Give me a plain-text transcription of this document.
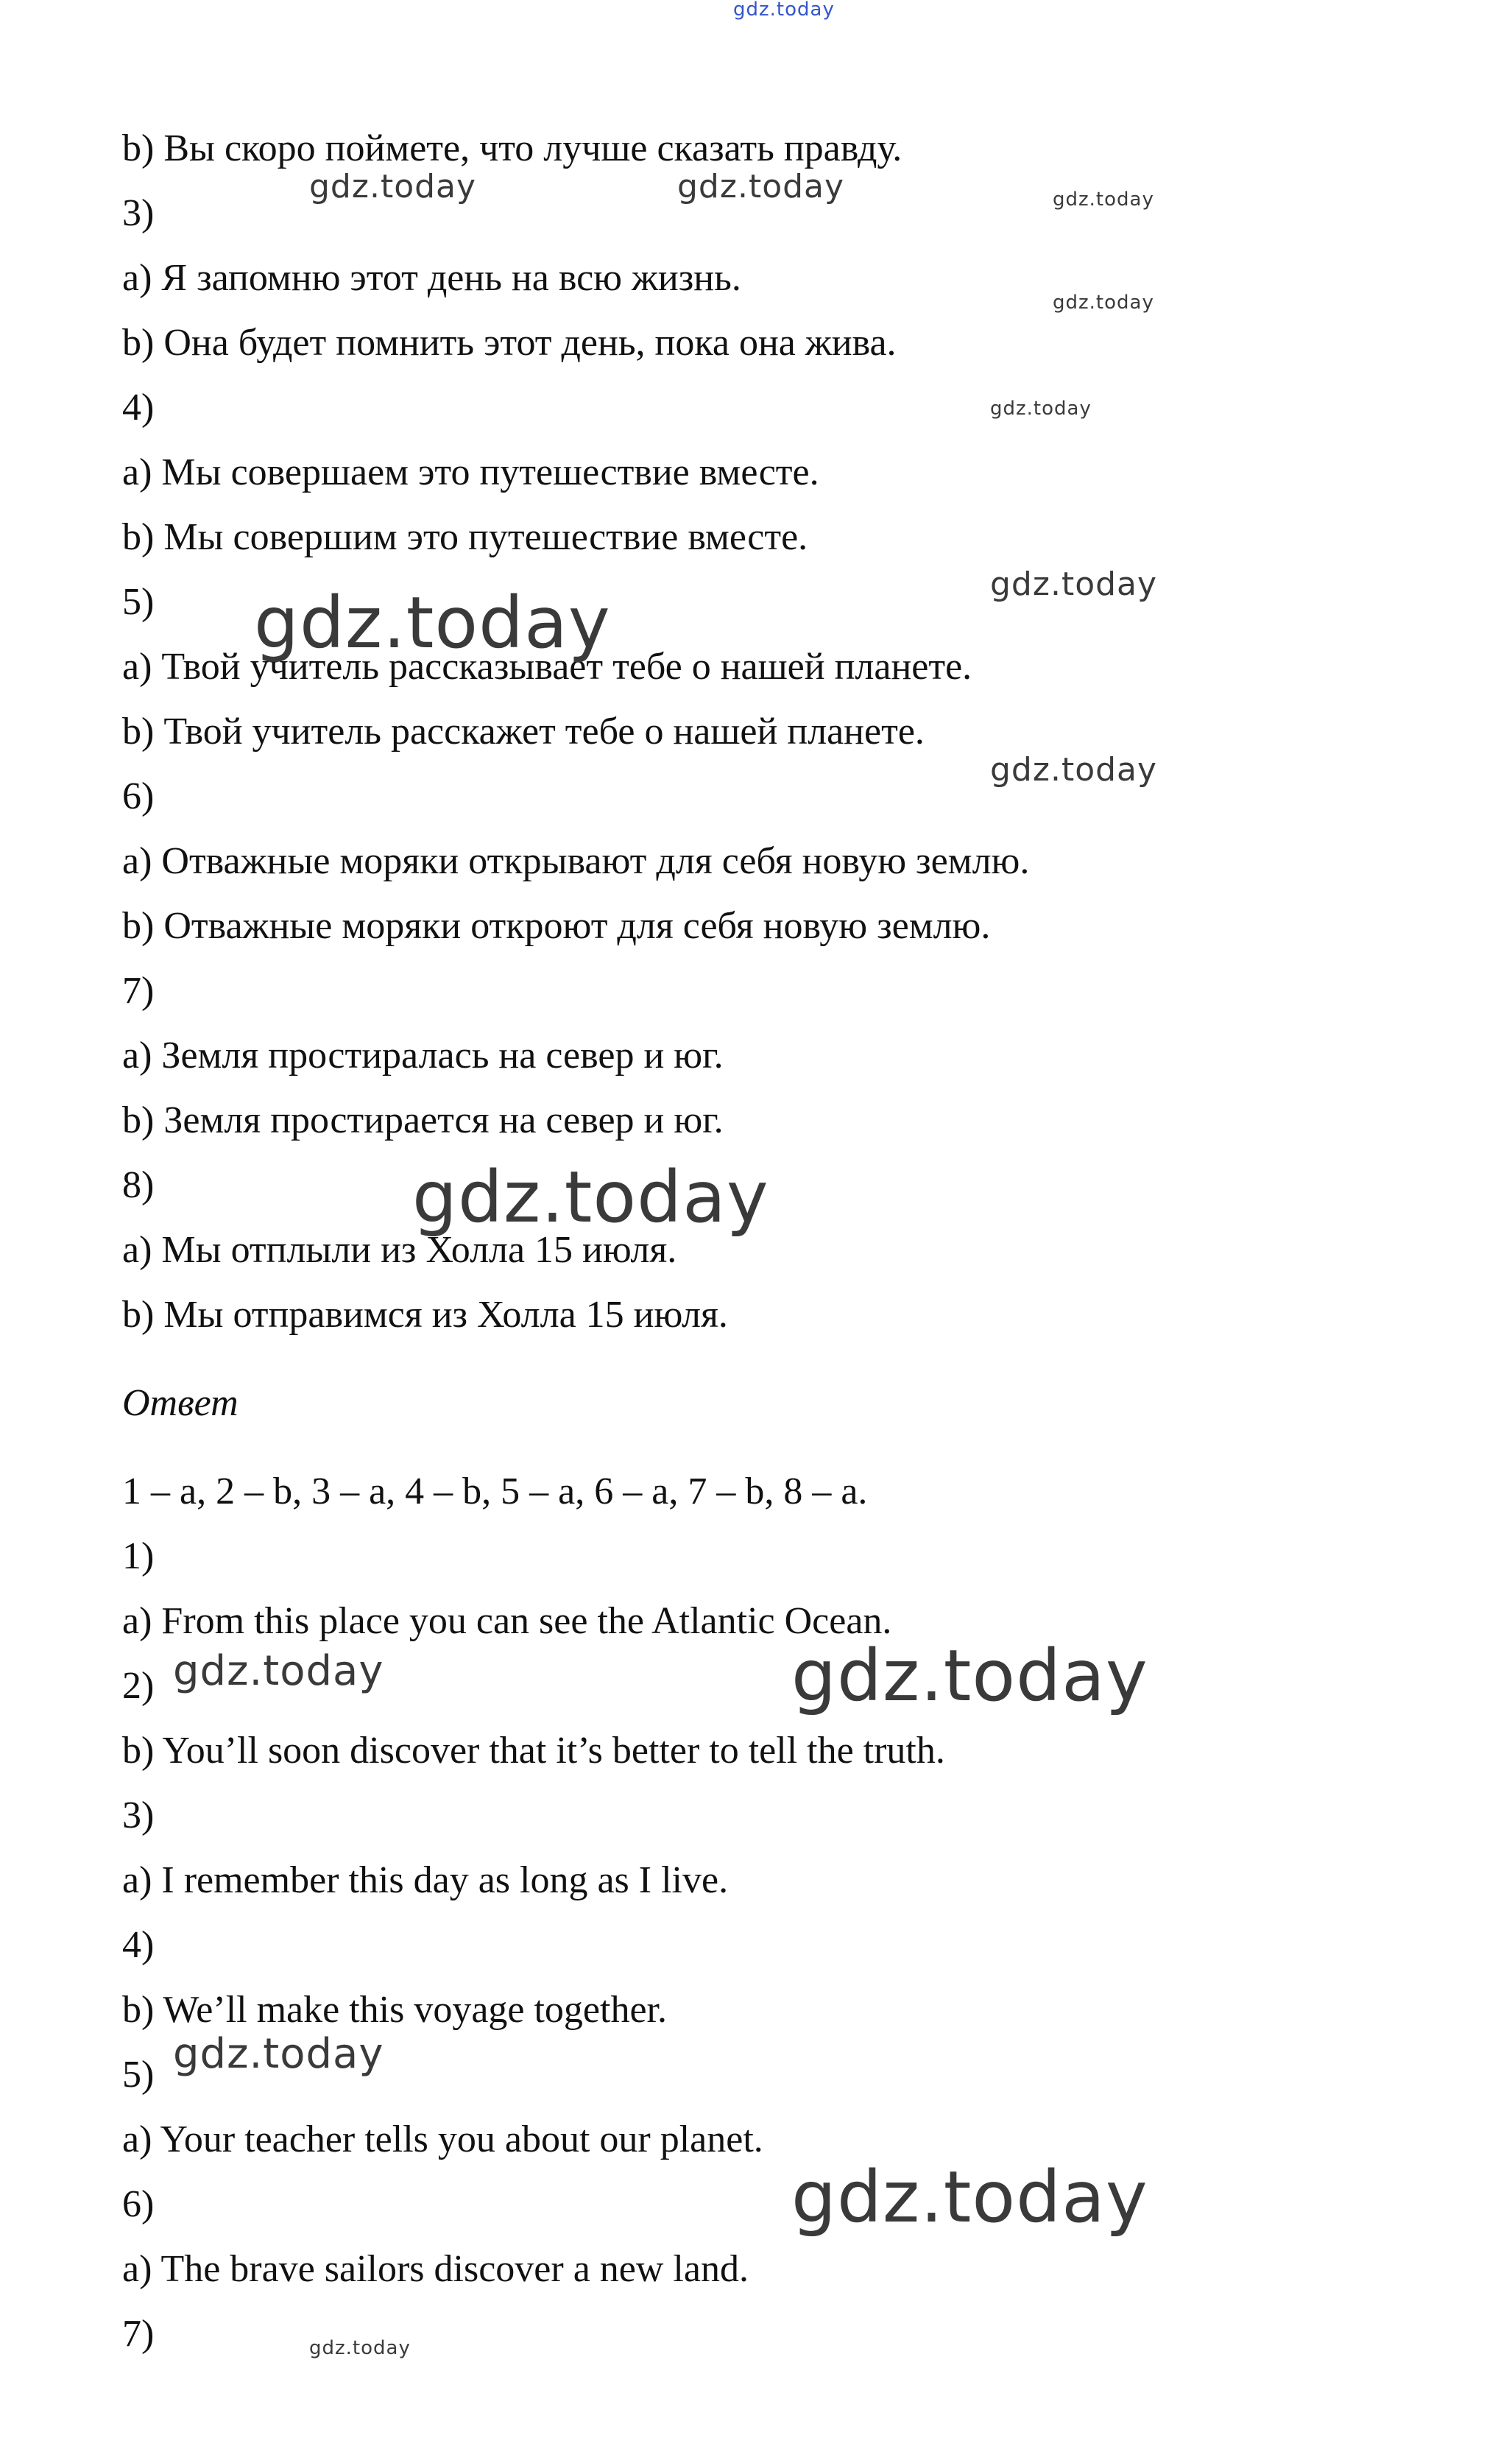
b) Вы скоро поймете, что лучше сказать правду.
3)
a) Я запомню этот день на всю жизнь.
b) Она будет помнить этот день, пока она жива.
4)
a) Мы совершаем это путешествие вместе.
b) Мы совершим это путешествие вместе.
5)
a) Твой учитель рассказывает тебе о нашей планете.
b) Твой учитель расскажет тебе о нашей планете.
6)
a) Отважные моряки открывают для себя новую землю.
b) Отважные моряки откроют для себя новую землю.
7)
a) Земля простиралась на север и юг.
b) Земля простирается на север и юг.
8)
a) Мы отплыли из Холла 15 июля.
b) Мы отправимся из Холла 15 июля.
Ответ
1 – a, 2 – b, 3 – a, 4 – b, 5 – a, 6 – a, 7 – b, 8 – a.
1)
a) From this place you can see the Atlantic Ocean.
2)
b) You’ll soon discover that it’s better to tell the truth.
3)
a) I remember this day as long as I live.
4)
b) We’ll make this voyage together.
5)
a) Your teacher tells you about our planet.
6)
a) The brave sailors discover a new land.
7)
gdz.today
gdz.today	gdz.today	gdz.today
gdz.today
gdz.today
gdz.today
gdz.today
gdz.today
gdz.today
gdz.today	gdz.today
gdz.today
gdz.today
gdz.today
